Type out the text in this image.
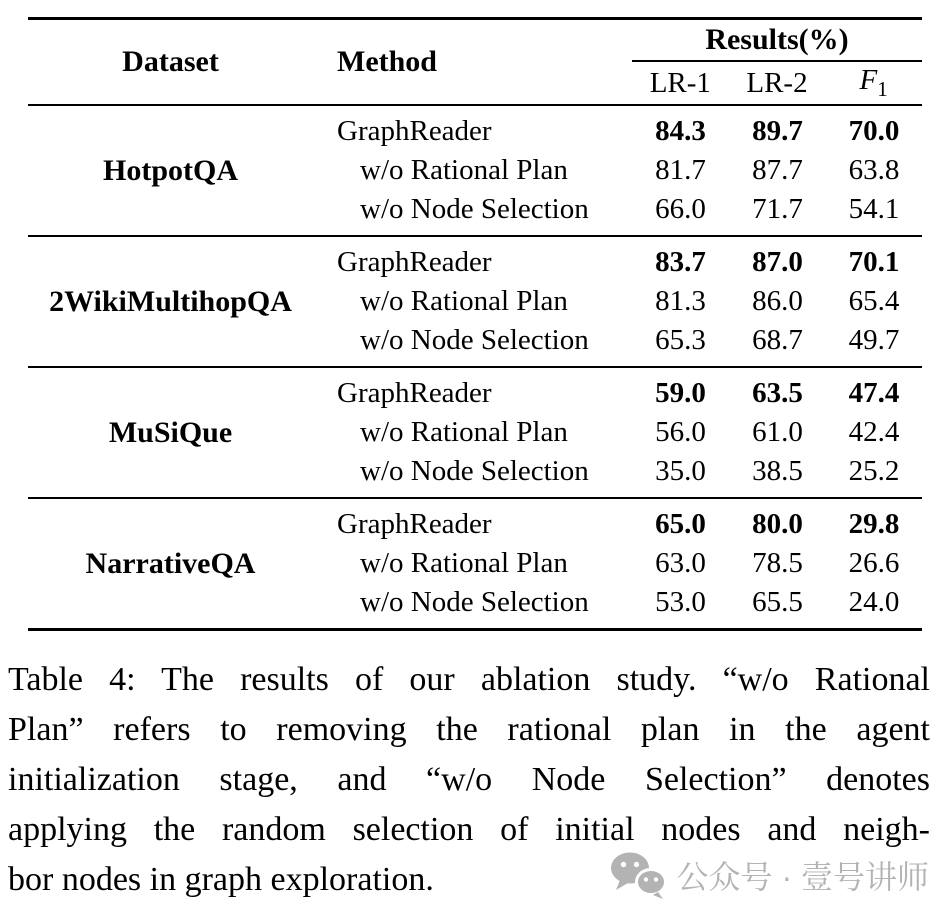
Dataset	Method
Results(%)
LR-1	LR-2	$F_1$
HotpotQA
GraphReader	84.3	89.7	70.0
w/o Rational Plan	81.7	87.7	63.8
w/o Node Selection	66.0	71.7	54.1
2WikiMultihopQA
GraphReader	83.7	87.0	70.1
w/o Rational Plan	81.3	86.0	65.4
w/o Node Selection	65.3	68.7	49.7
MuSiQue
GraphReader	59.0	63.5	47.4
w/o Rational Plan	56.0	61.0	42.4
w/o Node Selection	35.0	38.5	25.2
NarrativeQA
GraphReader	65.0	80.0	29.8
w/o Rational Plan	63.0	78.5	26.6
w/o Node Selection	53.0	65.5	24.0
Table 4: The results of our ablation study. “w/o Rational
Plan” refers to removing the rational plan in the agent
initialization stage, and “w/o Node Selection” denotes
applying the random selection of initial nodes and neigh-
bor nodes in graph exploration.	公众号 · 壹号讲师
